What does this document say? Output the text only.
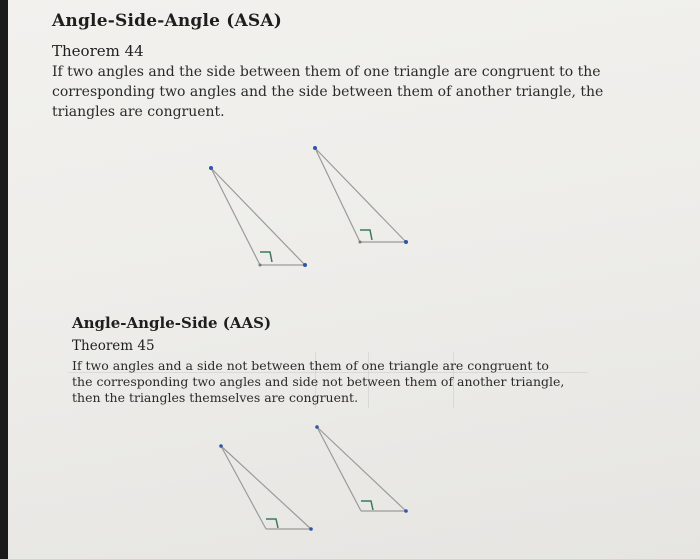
Angle-Side-Angle (ASA)
Theorem 44
If two angles and the side between them of one triangle are congruent to the
corresponding two angles and the side between them of another triangle, the
triangles are congruent.
Angle-Angle-Side (AAS)
Theorem 45
If two angles and a side not between them of one triangle are congruent to
the corresponding two angles and side not between them of another triangle,
then the triangles themselves are congruent.
